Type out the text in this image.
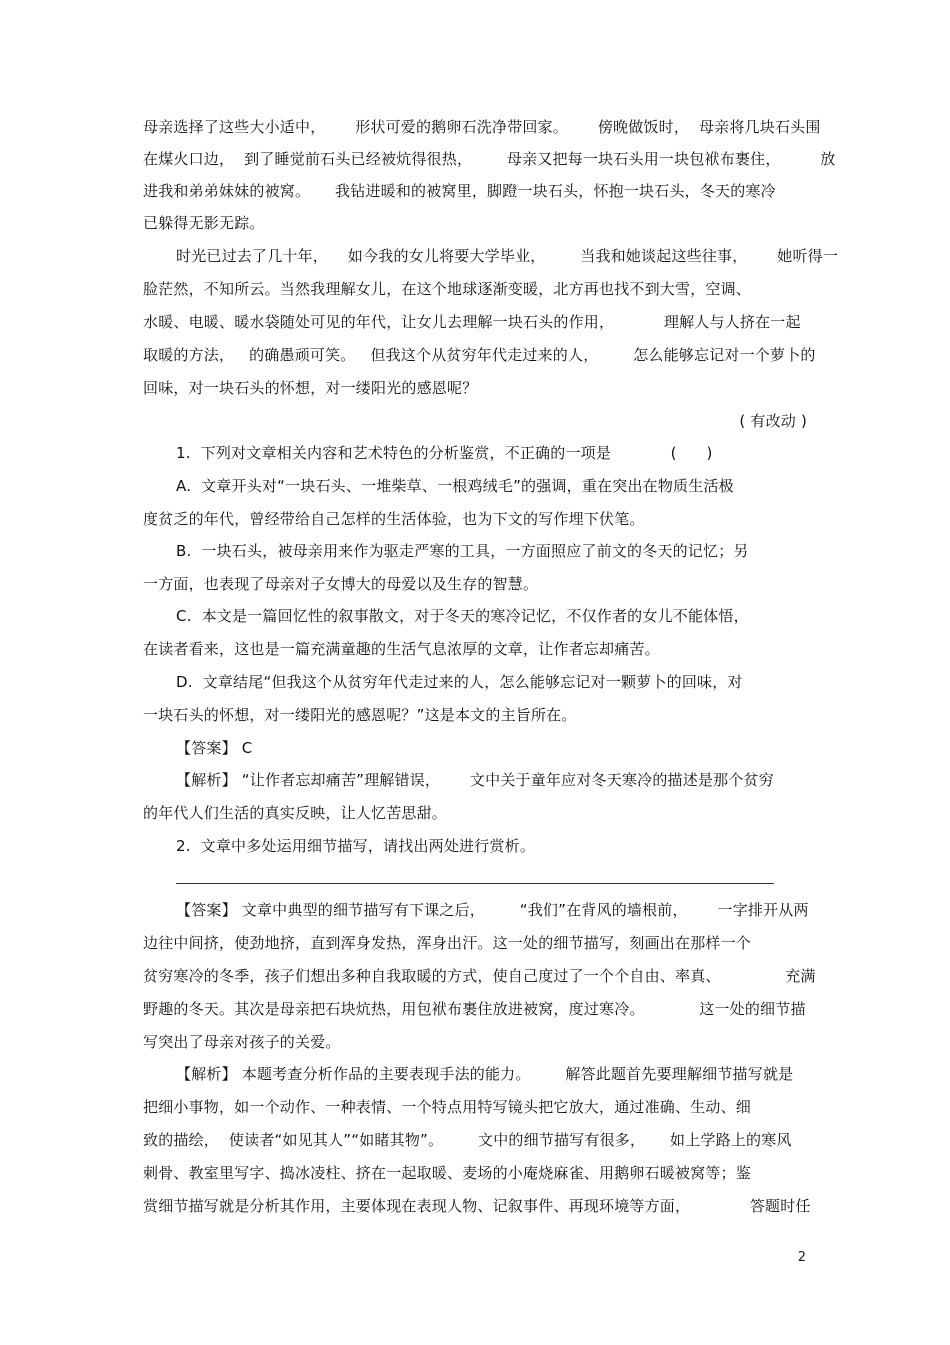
母亲选择了这些大小适中，      形状可爱的鹅卵石洗净带回家。      傍晚做饭时，  母亲将几块石头围
在煤火口边，  到了睡觉前石头已经被炕得很热，       母亲又把每一块石头用一块包袱布裹住，        放
进我和弟弟妹妹的被窝。     我钻进暖和的被窝里，脚蹬一块石头，怀抱一块石头，冬天的寒冷
已躲得无影无踪。
时光已过去了几十年，    如今我的女儿将要大学毕业，       当我和她谈起这些往事，      她听得一
脸茫然，不知所云。当然我理解女儿，在这个地球逐渐变暖，北方再也找不到大雪，空调、
水暖、电暖、暖水袋随处可见的年代，让女儿去理解一块石头的作用，          理解人与人挤在一起
取暖的方法，   的确愚顽可笑。   但我这个从贫穷年代走过来的人，       怎么能够忘记对一个萝卜的
回味，对一块石头的怀想，对一缕阳光的感恩呢？
( 有改动 )
1.  下列对文章相关内容和艺术特色的分析鉴赏，不正确的一项是            (      )
A.  文章开头对“一块石头、一堆柴草、一根鸡绒毛”的强调，重在突出在物质生活极
度贫乏的年代，曾经带给自己怎样的生活体验，也为下文的写作埋下伏笔。
B.  一块石头，被母亲用来作为驱走严寒的工具，一方面照应了前文的冬天的记忆；另
一方面，也表现了母亲对子女博大的母爱以及生存的智慧。
C.  本文是一篇回忆性的叙事散文，对于冬天的寒冷记忆，不仅作者的女儿不能体悟，
在读者看来，这也是一篇充满童趣的生活气息浓厚的文章，让作者忘却痛苦。
D.  文章结尾“但我这个从贫穷年代走过来的人，怎么能够忘记对一颗萝卜的回味，对
一块石头的怀想，对一缕阳光的感恩呢？”这是本文的主旨所在。
【答案】 C
【解析】 “让作者忘却痛苦”理解错误，      文中关于童年应对冬天寒冷的描述是那个贫穷
的年代人们生活的真实反映，让人忆苦思甜。
2.  文章中多处运用细节描写，请找出两处进行赏析。
【答案】 文章中典型的细节描写有下课之后，       “我们”在背风的墙根前，      一字排开从两
边往中间挤，使劲地挤，直到浑身发热，浑身出汗。这一处的细节描写，刻画出在那样一个
贫穷寒冷的冬季，孩子们想出多种自我取暖的方式，使自己度过了一个个自由、率真、             充满
野趣的冬天。其次是母亲把石块炕热，用包袱布裹住放进被窝，度过寒冷。           这一处的细节描
写突出了母亲对孩子的关爱。
【解析】 本题考查分析作品的主要表现手法的能力。       解答此题首先要理解细节描写就是
把细小事物，如一个动作、一种表情、一个特点用特写镜头把它放大，通过准确、生动、细
致的描绘，  使读者“如见其人”“如睹其物”。       文中的细节描写有很多，     如上学路上的寒风
刺骨、教室里写字、捣冰凌柱、挤在一起取暖、麦场的小庵烧麻雀、用鹅卵石暖被窝等；鉴
赏细节描写就是分析其作用，主要体现在表现人物、记叙事件、再现环境等方面，            答题时任
2
